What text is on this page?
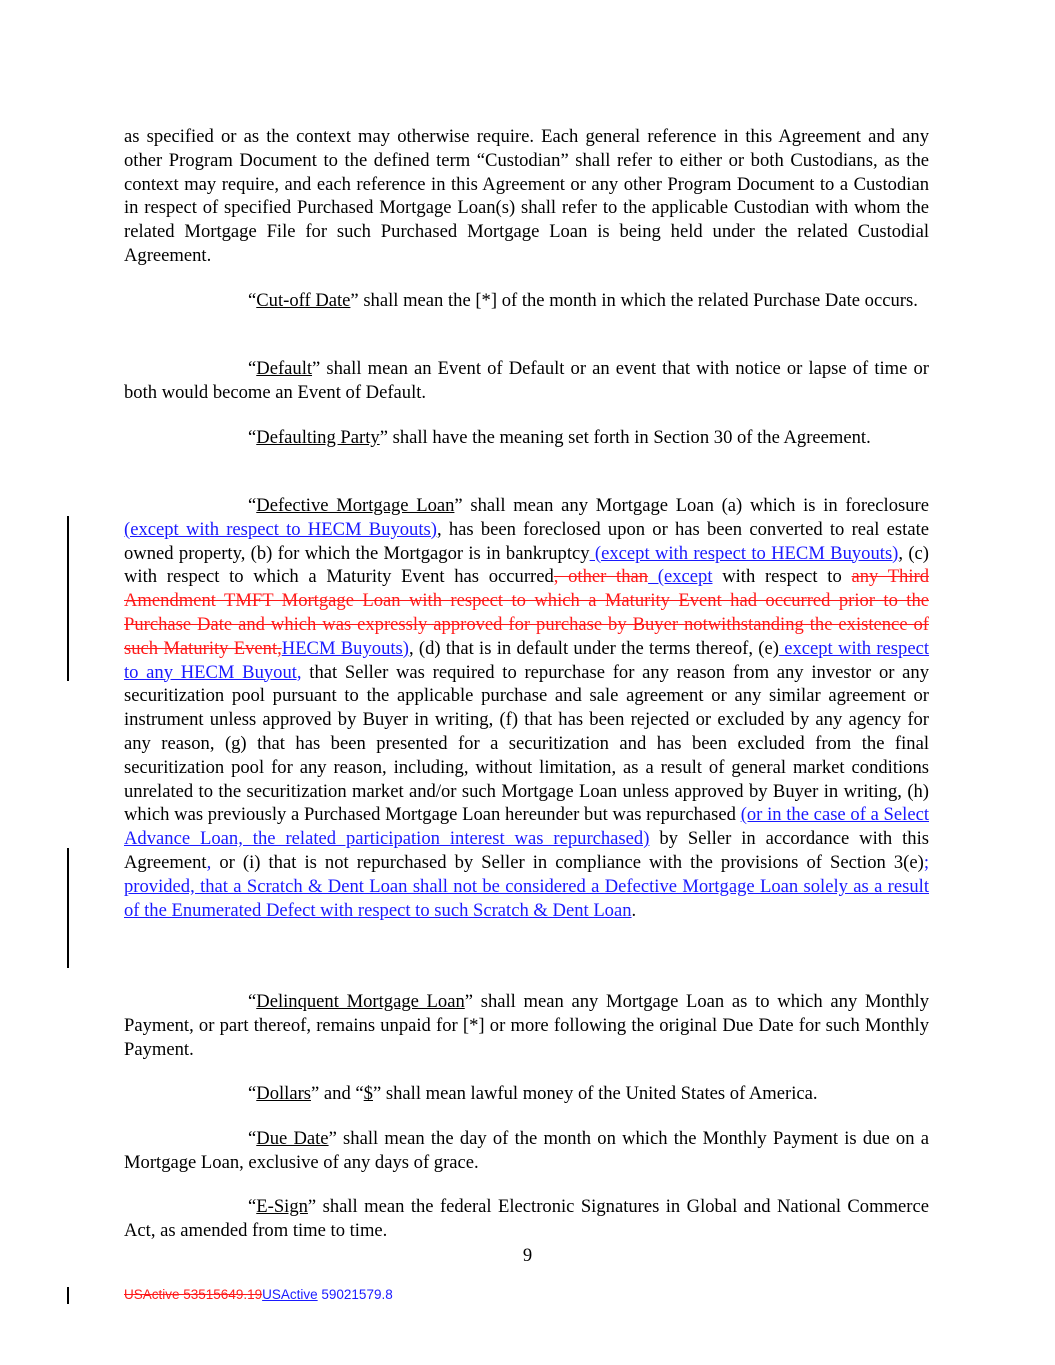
as specified or as the context may otherwise require. Each general reference in this Agreement and any other Program Document to the defined term “Custodian” shall refer to either or both Custodians, as the context may require, and each reference in this Agreement or any other Program Document to a Custodian in respect of specified Purchased Mortgage Loan(s) shall refer to the applicable Custodian with whom the related Mortgage File for such Purchased Mortgage Loan is being held under the related Custodial Agreement.

“Cut-off Date” shall mean the [*] of the month in which the related Purchase Date occurs.

“Default” shall mean an Event of Default or an event that with notice or lapse of time or both would become an Event of Default.

“Defaulting Party” shall have the meaning set forth in Section 30 of the Agreement.

“Defective Mortgage Loan” shall mean any Mortgage Loan (a) which is in foreclosure (except with respect to HECM Buyouts), has been foreclosed upon or has been converted to real estate owned property, (b) for which the Mortgagor is in bankruptcy (except with respect to HECM Buyouts), (c) with respect to which a Maturity Event has occurred, other than (except with respect to any Third Amendment TMFT Mortgage Loan with respect to which a Maturity Event had occurred prior to the Purchase Date and which was expressly approved for purchase by Buyer notwithstanding the existence of such Maturity Event,HECM Buyouts), (d) that is in default under the terms thereof, (e) except with respect to any HECM Buyout, that Seller was required to repurchase for any reason from any investor or any securitization pool pursuant to the applicable purchase and sale agreement or any similar agreement or instrument unless approved by Buyer in writing, (f) that has been rejected or excluded by any agency for any reason, (g) that has been presented for a securitization and has been excluded from the final securitization pool for any reason, including, without limitation, as a result of general market conditions unrelated to the securitization market and/or such Mortgage Loan unless approved by Buyer in writing, (h) which was previously a Purchased Mortgage Loan hereunder but was repurchased (or in the case of a Select Advance Loan, the related participation interest was repurchased) by Seller in accordance with this Agreement, or (i) that is not repurchased by Seller in compliance with the provisions of Section 3(e); provided, that a Scratch & Dent Loan shall not be considered a Defective Mortgage Loan solely as a result of the Enumerated Defect with respect to such Scratch & Dent Loan.

“Delinquent Mortgage Loan” shall mean any Mortgage Loan as to which any Monthly Payment, or part thereof, remains unpaid for [*] or more following the original Due Date for such Monthly Payment.

“Dollars” and “$” shall mean lawful money of the United States of America.

“Due Date” shall mean the day of the month on which the Monthly Payment is due on a Mortgage Loan, exclusive of any days of grace.

“E-Sign” shall mean the federal Electronic Signatures in Global and National Commerce Act, as amended from time to time.

9
USActive 53515649.19USActive 59021579.8
